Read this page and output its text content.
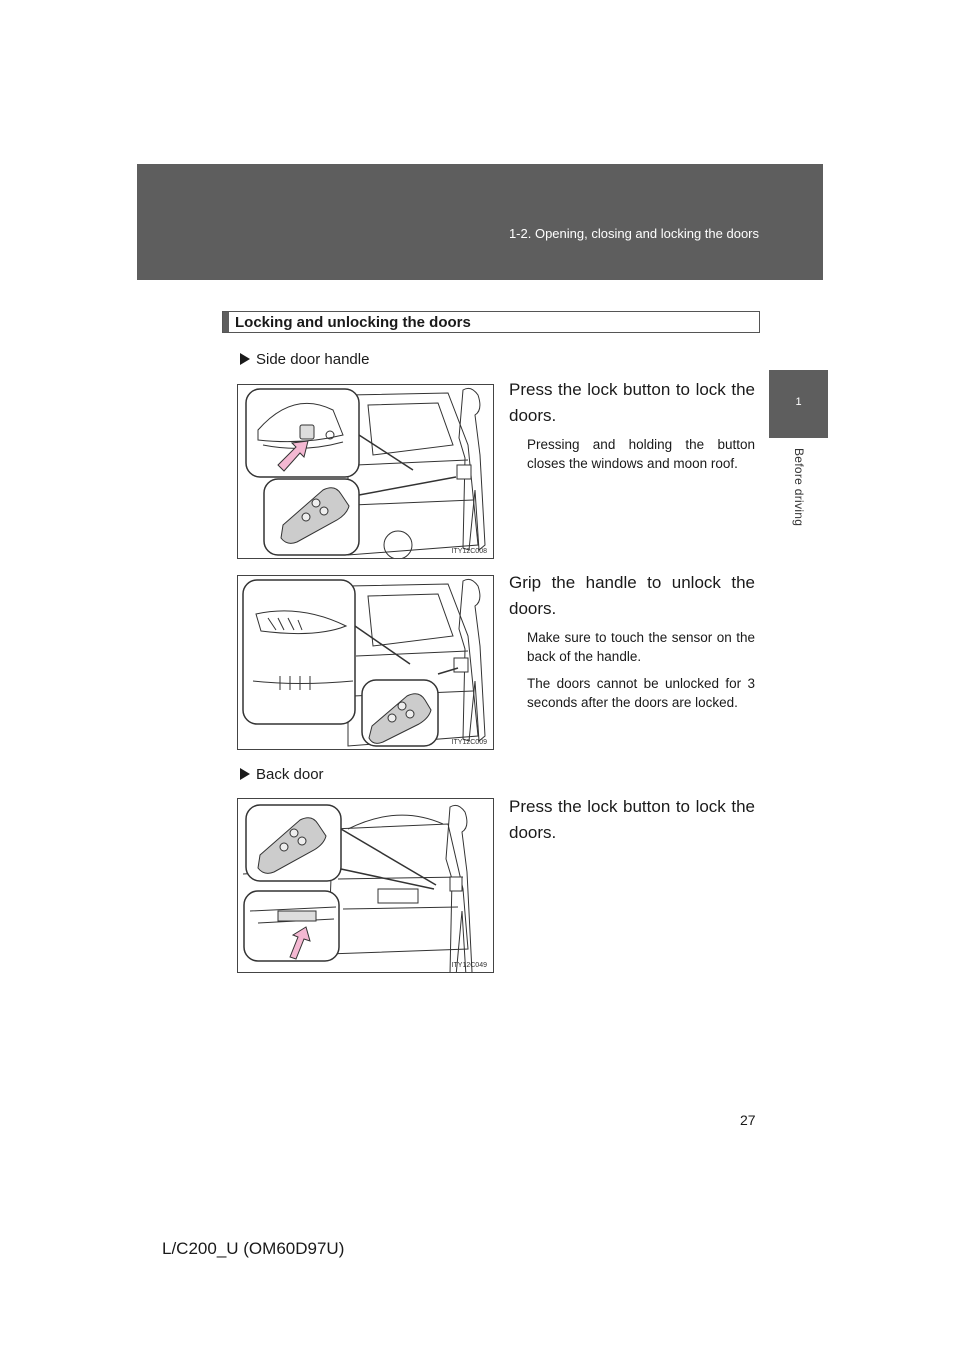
1-2. Opening, closing and locking the doors
1
Before driving
Locking and unlocking the doors
Side door handle
ITY12C008
Press the lock button to lock the doors.
Pressing and holding the button closes the windows and moon roof.
ITY12C009
Grip the handle to unlock the doors.
Make sure to touch the sensor on the back of the handle.
The doors cannot be unlocked for 3 seconds after the doors are locked.
Back door
ITY12C049
Press the lock button to lock the doors.
27
L/C200_U (OM60D97U)
